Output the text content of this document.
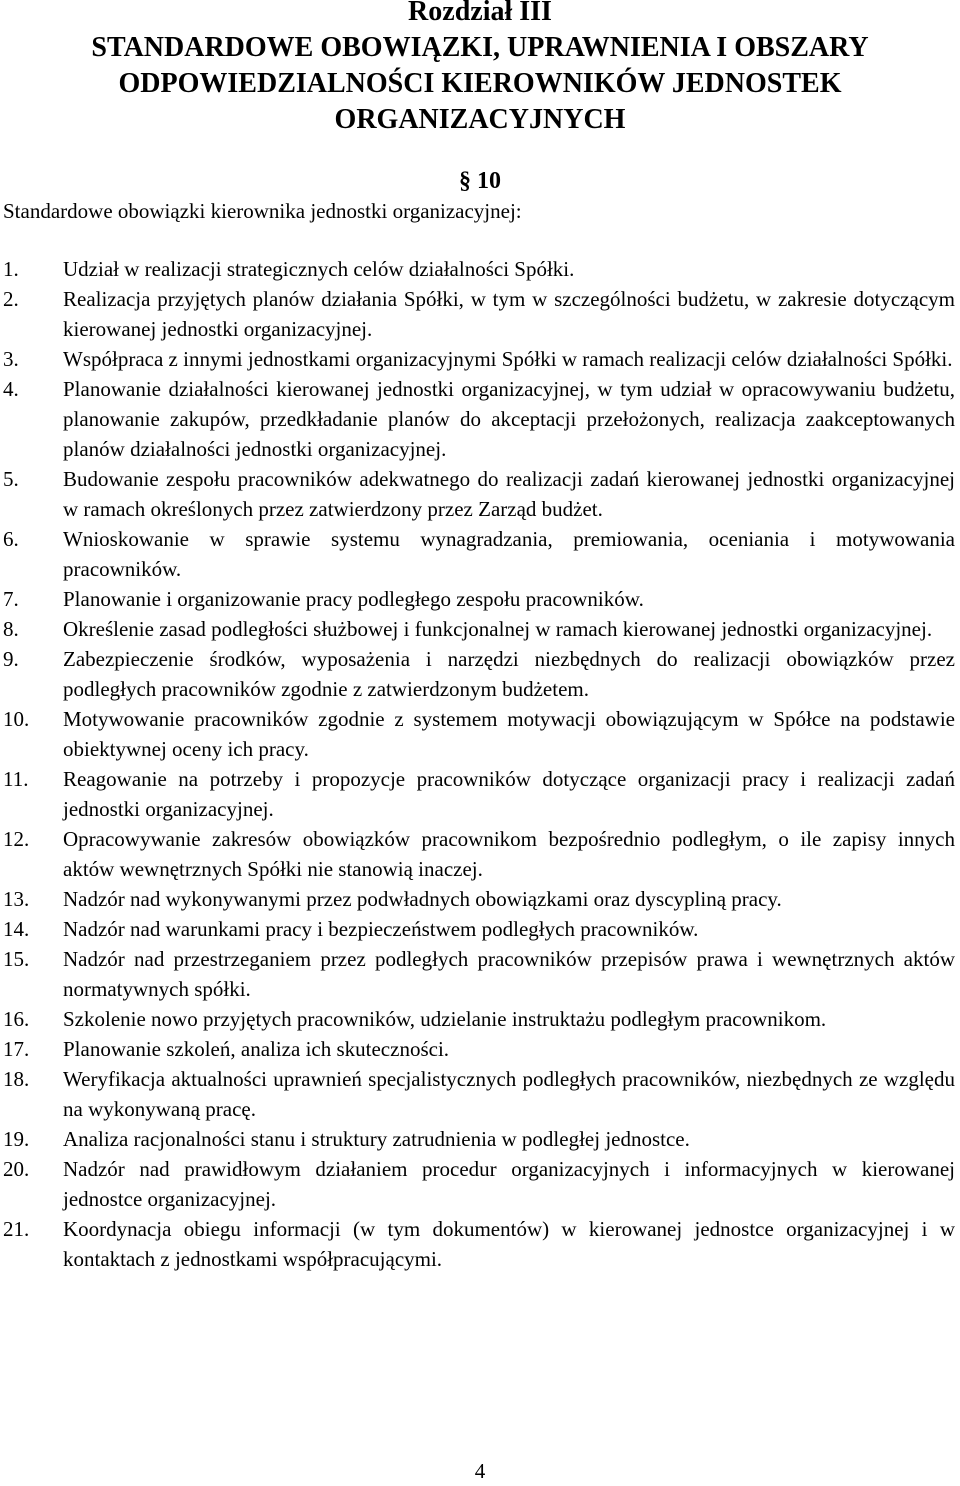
Rozdział III
STANDARDOWE OBOWIĄZKI, UPRAWNIENIA I OBSZARY ODPOWIEDZIALNOŚCI KIEROWNIKÓW JEDNOSTEK ORGANIZACYJNYCH
§ 10
Standardowe obowiązki kierownika jednostki organizacyjnej:
1.	Udział w realizacji strategicznych celów działalności Spółki.
2.	Realizacja przyjętych planów działania Spółki, w tym w szczególności budżetu, w zakresie dotyczącym kierowanej jednostki organizacyjnej.
3.	Współpraca z innymi jednostkami organizacyjnymi Spółki w ramach realizacji celów działalności Spółki.
4.	Planowanie działalności kierowanej jednostki organizacyjnej, w tym udział w opracowywaniu budżetu, planowanie zakupów, przedkładanie planów do akceptacji przełożonych, realizacja zaakceptowanych planów działalności jednostki organizacyjnej.
5.	Budowanie zespołu pracowników adekwatnego do realizacji zadań kierowanej jednostki organizacyjnej w ramach określonych przez zatwierdzony przez Zarząd budżet.
6.	Wnioskowanie w sprawie systemu wynagradzania, premiowania, oceniania i motywowania pracowników.
7.	Planowanie i organizowanie pracy podległego zespołu pracowników.
8.	Określenie zasad podległości służbowej i funkcjonalnej w ramach kierowanej jednostki organizacyjnej.
9.	Zabezpieczenie środków, wyposażenia i narzędzi niezbędnych do realizacji obowiązków przez podległych pracowników zgodnie z zatwierdzonym budżetem.
10.	Motywowanie pracowników zgodnie z systemem motywacji obowiązującym w Spółce na podstawie obiektywnej oceny ich pracy.
11.	Reagowanie na potrzeby i propozycje pracowników dotyczące organizacji pracy i realizacji zadań jednostki organizacyjnej.
12.	Opracowywanie zakresów obowiązków pracownikom bezpośrednio podległym, o ile zapisy innych aktów wewnętrznych Spółki nie stanowią inaczej.
13.	Nadzór nad wykonywanymi przez podwładnych obowiązkami oraz dyscypliną pracy.
14.	Nadzór nad warunkami pracy i bezpieczeństwem podległych pracowników.
15.	Nadzór nad przestrzeganiem przez podległych pracowników przepisów prawa i wewnętrznych aktów normatywnych spółki.
16.	Szkolenie nowo przyjętych pracowników, udzielanie instruktażu podległym pracownikom.
17.	Planowanie szkoleń, analiza ich skuteczności.
18.	Weryfikacja aktualności uprawnień specjalistycznych podległych pracowników, niezbędnych ze względu na wykonywaną pracę.
19.	Analiza racjonalności stanu i struktury zatrudnienia w podległej jednostce.
20.	Nadzór nad prawidłowym działaniem procedur organizacyjnych i informacyjnych w kierowanej jednostce organizacyjnej.
21.	Koordynacja obiegu informacji (w tym dokumentów) w kierowanej jednostce organizacyjnej i w kontaktach z jednostkami współpracującymi.
4
